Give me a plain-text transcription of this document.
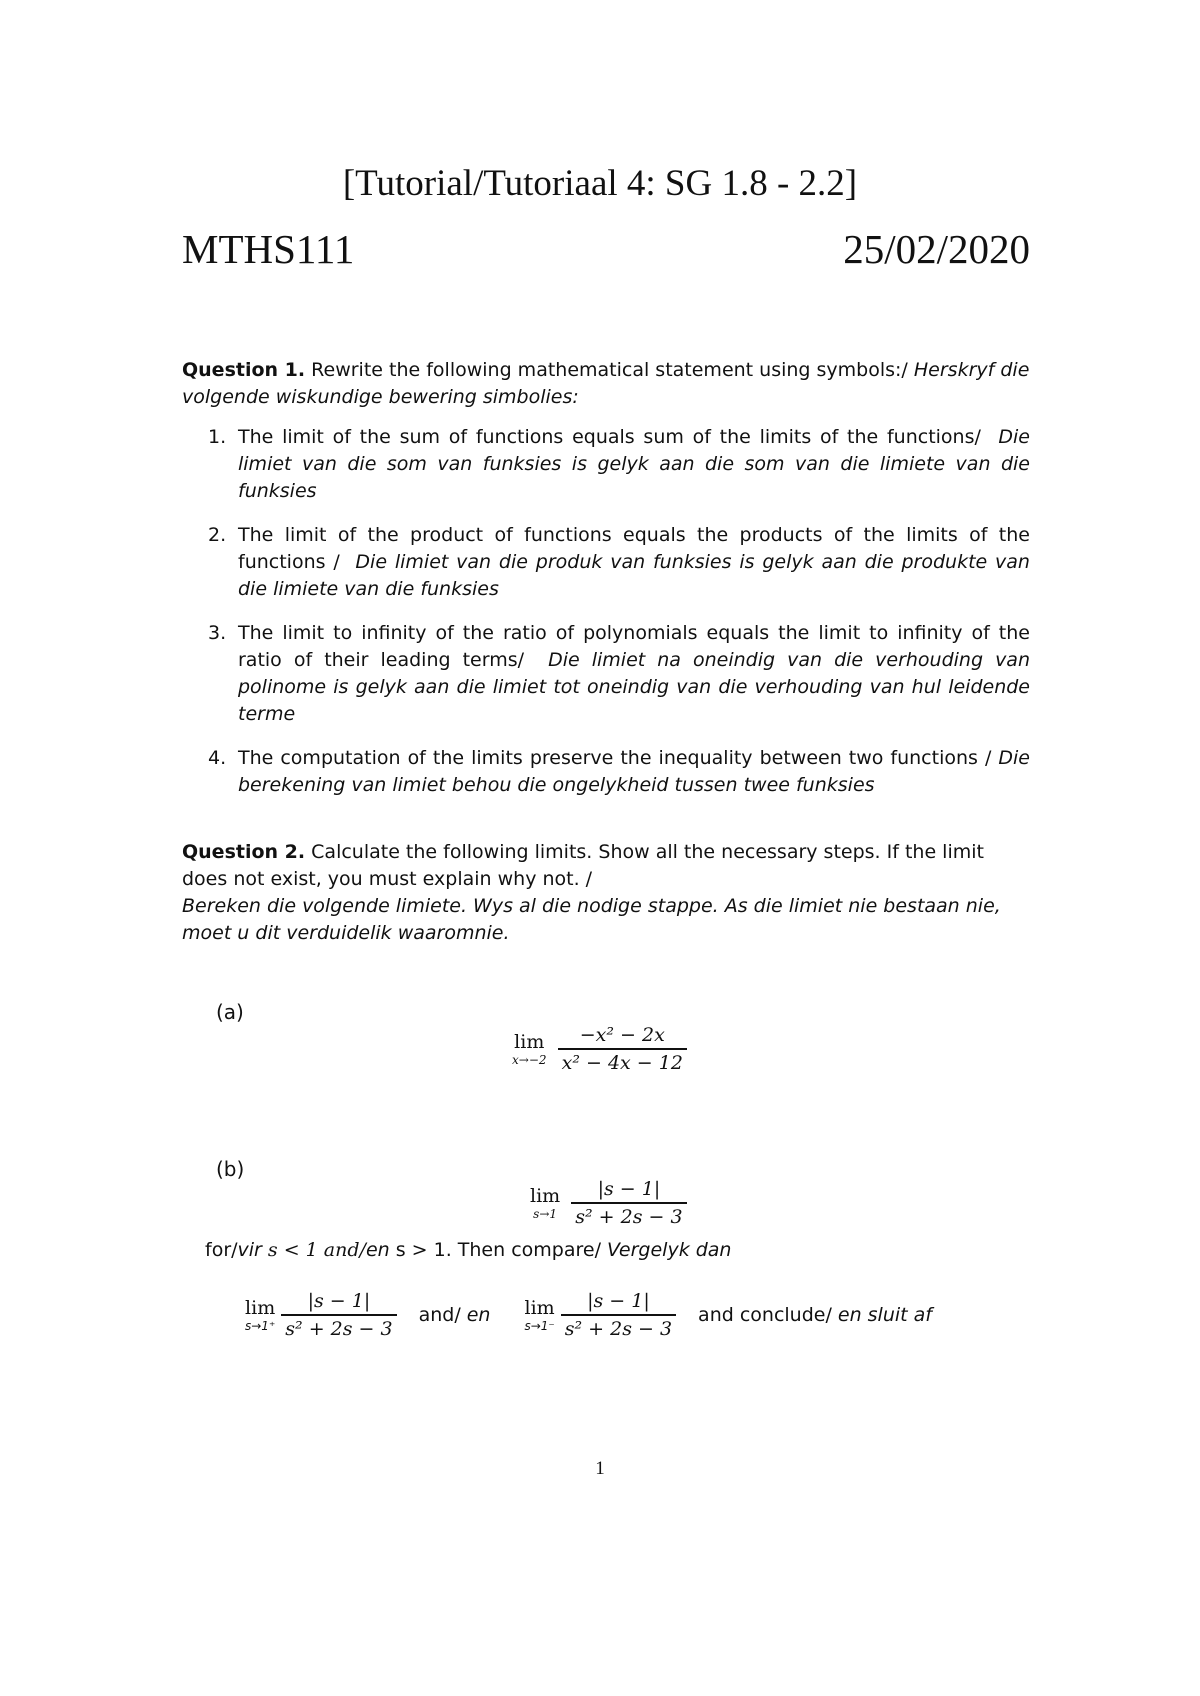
[Tutorial/Tutoriaal 4: SG 1.8 - 2.2]
MTHS111	25/02/2020
Question 1. Rewrite the following mathematical statement using symbols:/ Herskryf die volgende wiskundige bewering simbolies:
1. The limit of the sum of functions equals sum of the limits of the functions/ Die limiet van die som van funksies is gelyk aan die som van die limiete van die funksies
2. The limit of the product of functions equals the products of the limits of the functions / Die limiet van die produk van funksies is gelyk aan die produkte van die limiete van die funksies
3. The limit to infinity of the ratio of polynomials equals the limit to infinity of the ratio of their leading terms/ Die limiet na oneindig van die verhouding van polinome is gelyk aan die limiet tot oneindig van die verhouding van hul leidende terme
4. The computation of the limits preserve the inequality between two functions / Die berekening van limiet behou die ongelykheid tussen twee funksies
Question 2. Calculate the following limits. Show all the necessary steps. If the limit does not exist, you must explain why not. /
Bereken die volgende limiete. Wys al die nodige stappe. As die limiet nie bestaan nie, moet u dit verduidelik waaromnie.
(a)
lim
x→−2
$\frac{\text{−x² − 2x}}{\text{x² − 4x − 12}}$
(b)
lim
s→1
$\frac{|s - 1|}{\text{s² + 2s − 3}}$
for/vir s < 1 and/en s > 1. Then compare/ Vergelyk dan
lim
$s\to 1^+ \frac{|s - 1|}{\text{s² + 2s − 3}} and/$ en lim
$s\to 1^- \frac{|s - 1|}{\text{s² + 2s − 3}}$ and conclude/ en sluit af
1
